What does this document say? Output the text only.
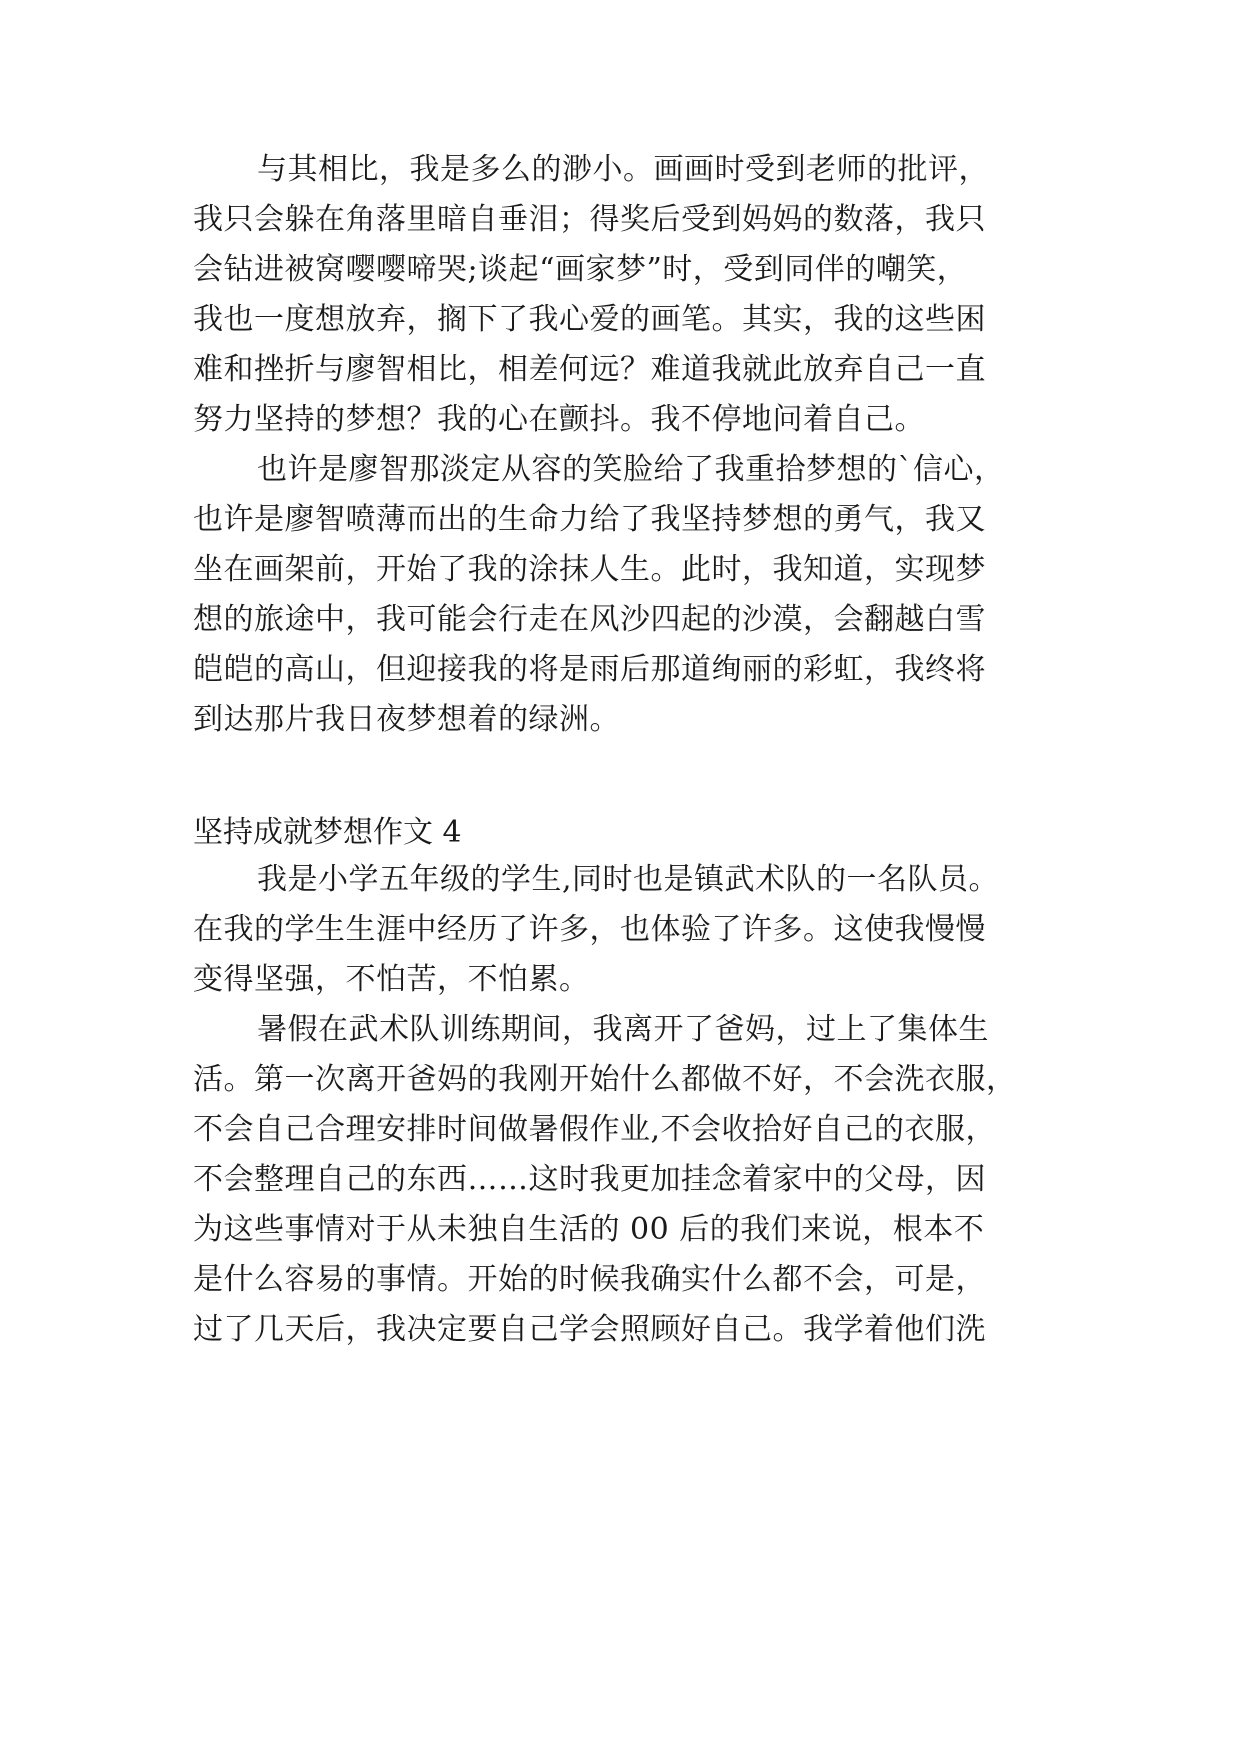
与其相比，我是多么的渺小。画画时受到老师的批评，
我只会躲在角落里暗自垂泪；得奖后受到妈妈的数落，我只
会钻进被窝嘤嘤啼哭;谈起“画家梦”时，受到同伴的嘲笑，
我也一度想放弃，搁下了我心爱的画笔。其实，我的这些困
难和挫折与廖智相比，相差何远？难道我就此放弃自己一直
努力坚持的梦想？我的心在颤抖。我不停地问着自己。
也许是廖智那淡定从容的笑脸给了我重拾梦想的`信心，
也许是廖智喷薄而出的生命力给了我坚持梦想的勇气，我又
坐在画架前，开始了我的涂抹人生。此时，我知道，实现梦
想的旅途中，我可能会行走在风沙四起的沙漠，会翻越白雪
皑皑的高山，但迎接我的将是雨后那道绚丽的彩虹，我终将
到达那片我日夜梦想着的绿洲。
坚持成就梦想作文 4
我是小学五年级的学生,同时也是镇武术队的一名队员。
在我的学生生涯中经历了许多，也体验了许多。这使我慢慢
变得坚强，不怕苦，不怕累。
暑假在武术队训练期间，我离开了爸妈，过上了集体生
活。第一次离开爸妈的我刚开始什么都做不好，不会洗衣服，
不会自己合理安排时间做暑假作业,不会收拾好自己的衣服，
不会整理自己的东西……这时我更加挂念着家中的父母，因
为这些事情对于从未独自生活的 00 后的我们来说，根本不
是什么容易的事情。开始的时候我确实什么都不会，可是，
过了几天后，我决定要自己学会照顾好自己。我学着他们洗
